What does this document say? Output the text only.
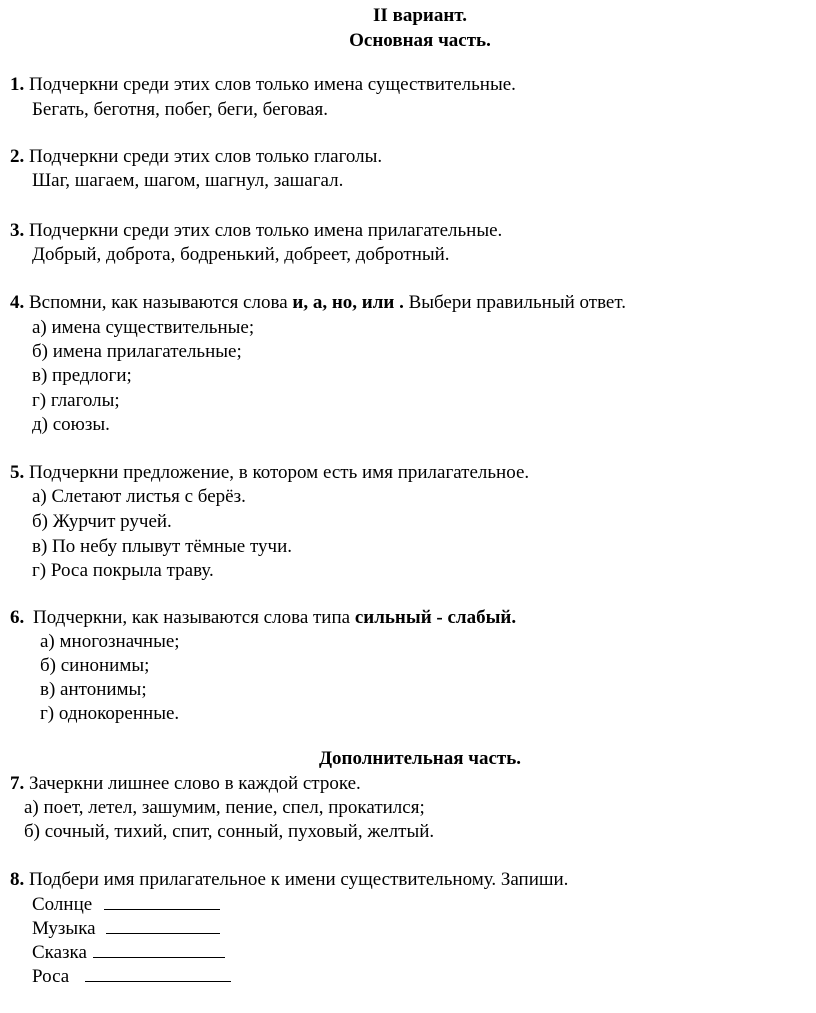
II вариант.
Основная часть.
1. Подчеркни среди этих слов только имена существительные.
Бегать, беготня, побег, беги, беговая.
2. Подчеркни среди этих слов только глаголы.
Шаг, шагаем, шагом, шагнул, зашагал.
3. Подчеркни среди этих слов только имена прилагательные.
Добрый, доброта, бодренький, добреет, добротный.
4. Вспомни, как называются слова и, а, но, или . Выбери правильный ответ.
а) имена существительные;
б) имена прилагательные;
в) предлоги;
г) глаголы;
д) союзы.
5. Подчеркни предложение, в котором есть имя прилагательное.
а) Слетают листья с берёз.
б) Журчит ручей.
в) По небу плывут тёмные тучи.
г) Роса покрыла траву.
6. Подчеркни, как называются слова типа сильный - слабый.
а) многозначные;
б) синонимы;
в) антонимы;
г) однокоренные.
Дополнительная часть.
7. Зачеркни лишнее слово в каждой строке.
а) поет, летел, зашумим, пение, спел, прокатился;
б) сочный, тихий, спит, сонный, пуховый, желтый.
8. Подбери имя прилагательное к имени существительному. Запиши.
Солнце
Музыка
Сказка
Роса
